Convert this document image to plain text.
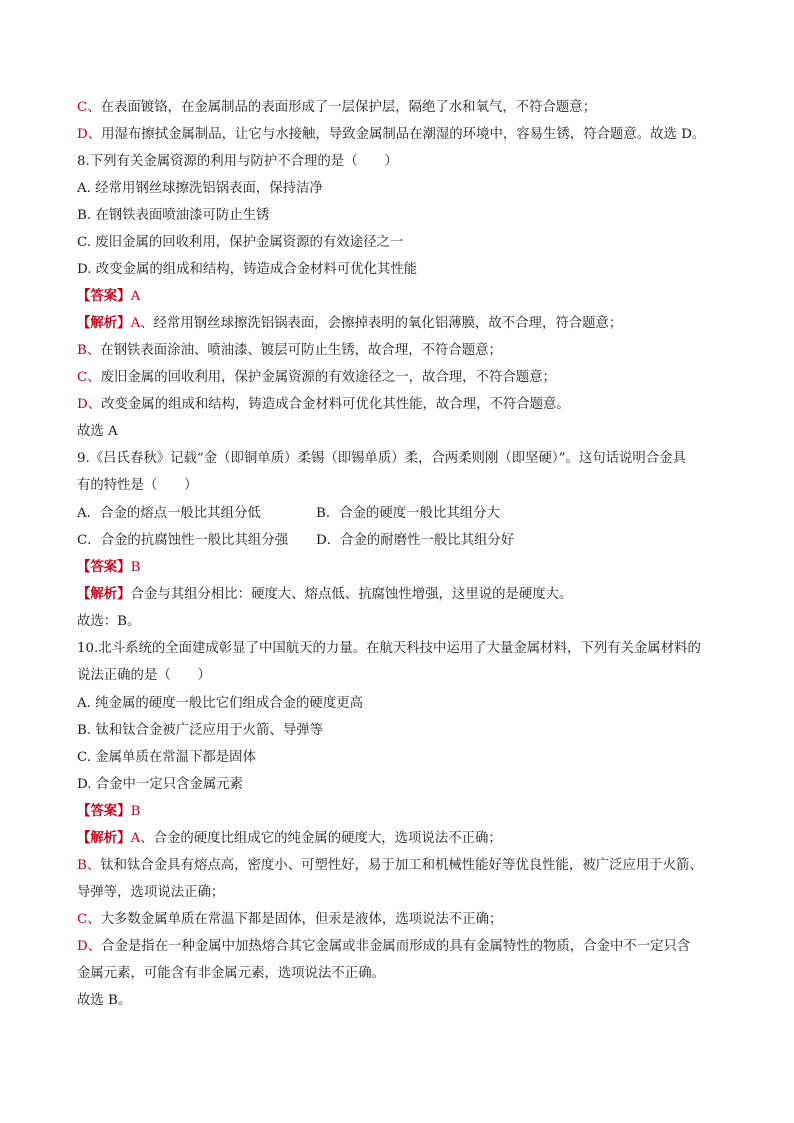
C、在表面镀铬，在金属制品的表面形成了一层保护层，隔绝了水和氧气，不符合题意；
D、用湿布擦拭金属制品，让它与水接触，导致金属制品在潮湿的环境中，容易生锈，符合题意。故选 D。
8.下列有关金属资源的利用与防护不合理的是（　　）
A. 经常用钢丝球擦洗铝锅表面，保持洁净
B. 在钢铁表面喷油漆可防止生锈
C. 废旧金属的回收利用，保护金属资源的有效途径之一
D. 改变金属的组成和结构，铸造成合金材料可优化其性能
【答案】A
【解析】A、经常用钢丝球擦洗铝锅表面，会擦掉表明的氧化铝薄膜，故不合理，符合题意；
B、在钢铁表面涂油、喷油漆、镀层可防止生锈，故合理，不符合题意；
C、废旧金属的回收利用，保护金属资源的有效途径之一，故合理，不符合题意；
D、改变金属的组成和结构，铸造成合金材料可优化其性能，故合理，不符合题意。
故选 A
9.《吕氏春秋》记载“金（即铜单质）柔锡（即锡单质）柔，合两柔则刚（即坚硬）”。这句话说明合金具
有的特性是（　　）
A．合金的熔点一般比其组分低	B．合金的硬度一般比其组分大
C．合金的抗腐蚀性一般比其组分强 D．合金的耐磨性一般比其组分好
【答案】B
【解析】合金与其组分相比：硬度大、熔点低、抗腐蚀性增强，这里说的是硬度大。
故选：B。
10.北斗系统的全面建成彰显了中国航天的力量。在航天科技中运用了大量金属材料，下列有关金属材料的
说法正确的是（　　）
A. 纯金属的硬度一般比它们组成合金的硬度更高
B. 钛和钛合金被广泛应用于火箭、导弹等
C. 金属单质在常温下都是固体
D. 合金中一定只含金属元素
【答案】B
【解析】A、合金的硬度比组成它的纯金属的硬度大，选项说法不正确；
B、钛和钛合金具有熔点高，密度小、可塑性好，易于加工和机械性能好等优良性能，被广泛应用于火箭、
导弹等，选项说法正确；
C、大多数金属单质在常温下都是固体，但汞是液体，选项说法不正确；
D、合金是指在一种金属中加热熔合其它金属或非金属而形成的具有金属特性的物质，合金中不一定只含
金属元素，可能含有非金属元素，选项说法不正确。
故选 B。
